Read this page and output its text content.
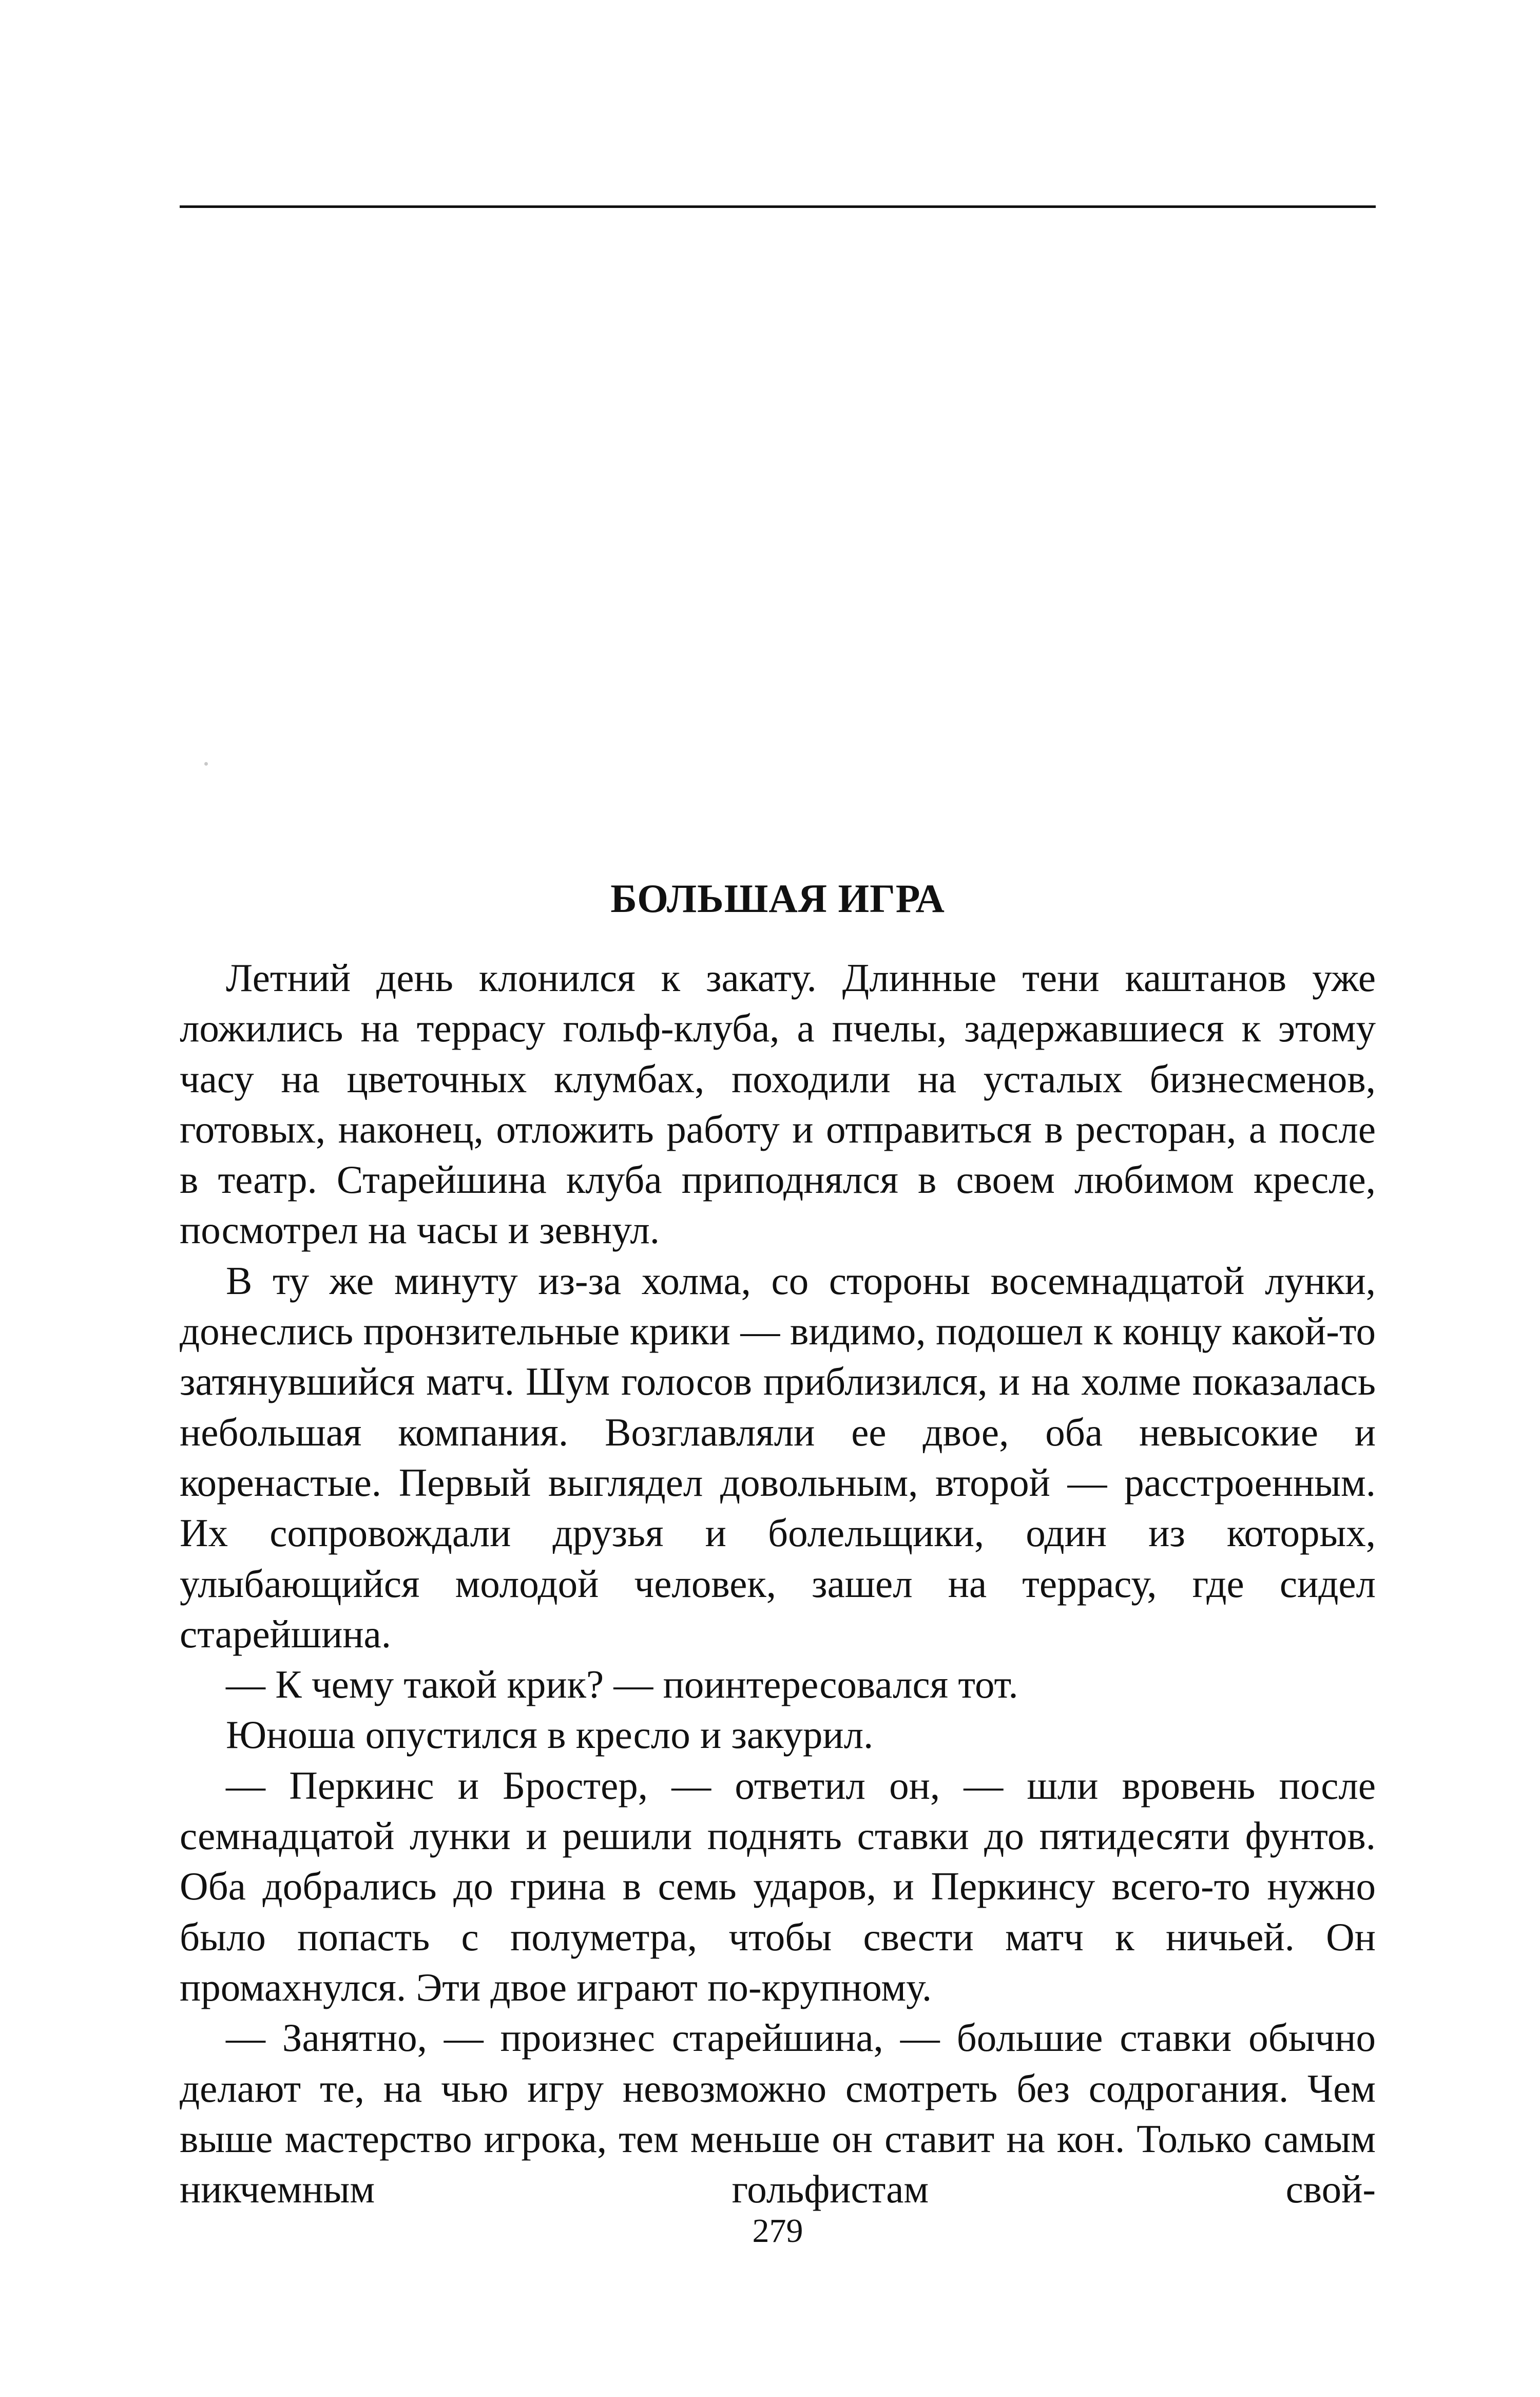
БОЛЬШАЯ ИГРА

Летний день клонился к закату. Длинные тени каштанов уже ложились на террасу гольф-клуба, а пчелы, задержавшиеся к этому часу на цветочных клумбах, походили на усталых бизнесменов, готовых, наконец, отложить работу и отправиться в ресторан, а после в театр. Старейшина клуба приподнялся в своем любимом кресле, посмотрел на часы и зевнул.

В ту же минуту из-за холма, со стороны восемнадцатой лунки, донеслись пронзительные крики — видимо, подошел к концу какой-то затянувшийся матч. Шум голосов приблизился, и на холме показалась небольшая компания. Возглавляли ее двое, оба невысокие и коренастые. Первый выглядел довольным, второй — расстроенным. Их сопровождали друзья и болельщики, один из которых, улыбающийся молодой человек, зашел на террасу, где сидел старейшина.

— К чему такой крик? — поинтересовался тот.

Юноша опустился в кресло и закурил.

— Перкинс и Бростер, — ответил он, — шли вровень после семнадцатой лунки и решили поднять ставки до пятидесяти фунтов. Оба добрались до грина в семь ударов, и Перкинсу всего-то нужно было попасть с полуметра, чтобы свести матч к ничьей. Он промахнулся. Эти двое играют по-крупному.

— Занятно, — произнес старейшина, — большие ставки обычно делают те, на чью игру невозможно смотреть без содрогания. Чем выше мастерство игрока, тем меньше он ставит на кон. Только самым никчемным гольфистам свой-

279
